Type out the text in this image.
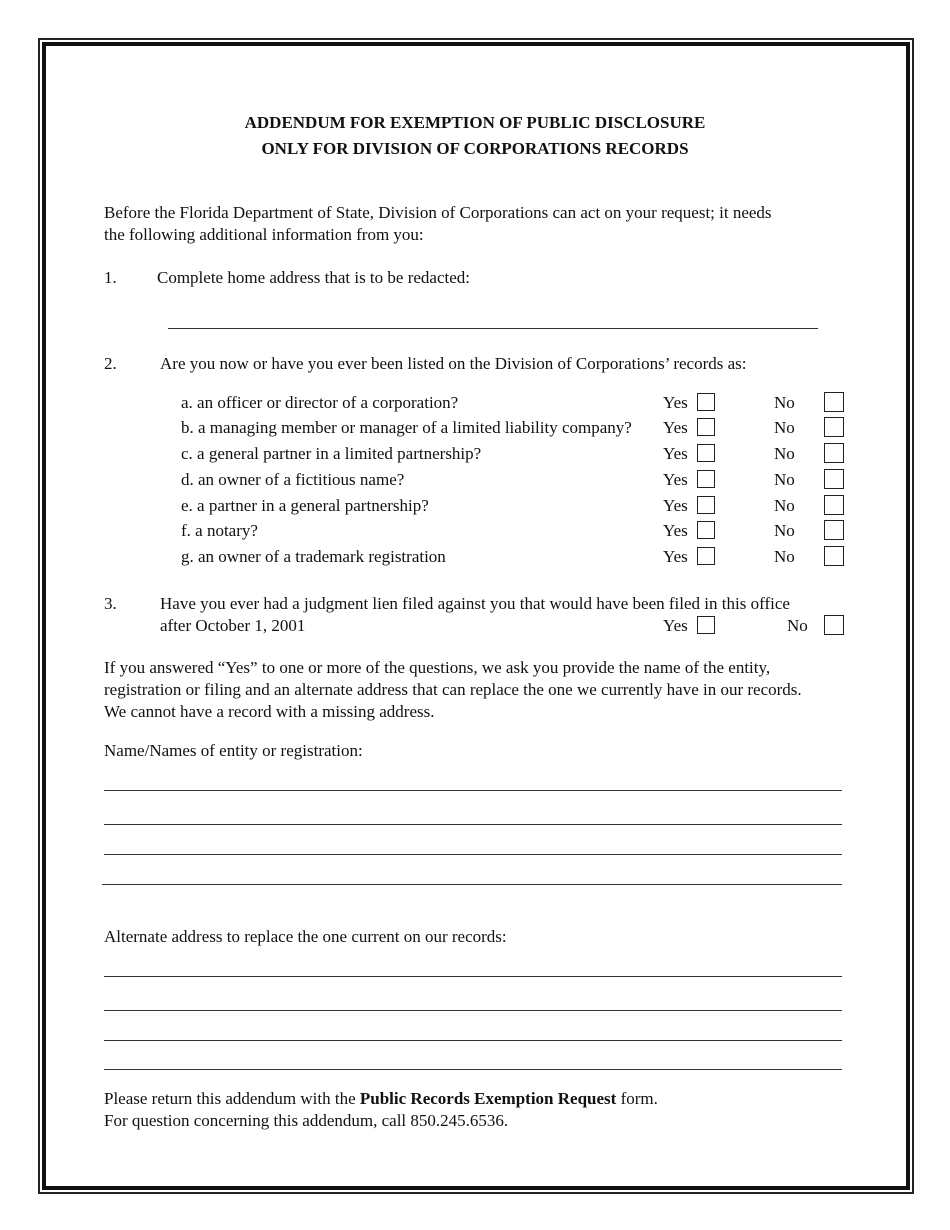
ADDENDUM FOR EXEMPTION OF PUBLIC DISCLOSURE
ONLY FOR DIVISION OF CORPORATIONS RECORDS
Before the Florida Department of State, Division of Corporations can act on your request; it needs
the following additional information from you:
1. Complete home address that is to be redacted:
2.	Are you now or have you ever been listed on the Division of Corporations’ records as:
a. an officer or director of a corporation?	Yes	No
b. a managing member or manager of a limited liability company? Yes	No
c. a general partner in a limited partnership?	Yes	No
d. an owner of a fictitious name?	Yes	No
e. a partner in a general partnership?	Yes	No
f. a notary?	Yes	No
g. an owner of a trademark registration	Yes	No
3.	Have you ever had a judgment lien filed against you that would have been filed in this office
after October 1, 2001	Yes	No
If you answered “Yes” to one or more of the questions, we ask you provide the name of the entity,
registration or filing and an alternate address that can replace the one we currently have in our records.
We cannot have a record with a missing address.
Name/Names of entity or registration:
Alternate address to replace the one current on our records:
Please return this addendum with the Public Records Exemption Request form.
For question concerning this addendum, call 850.245.6536.
